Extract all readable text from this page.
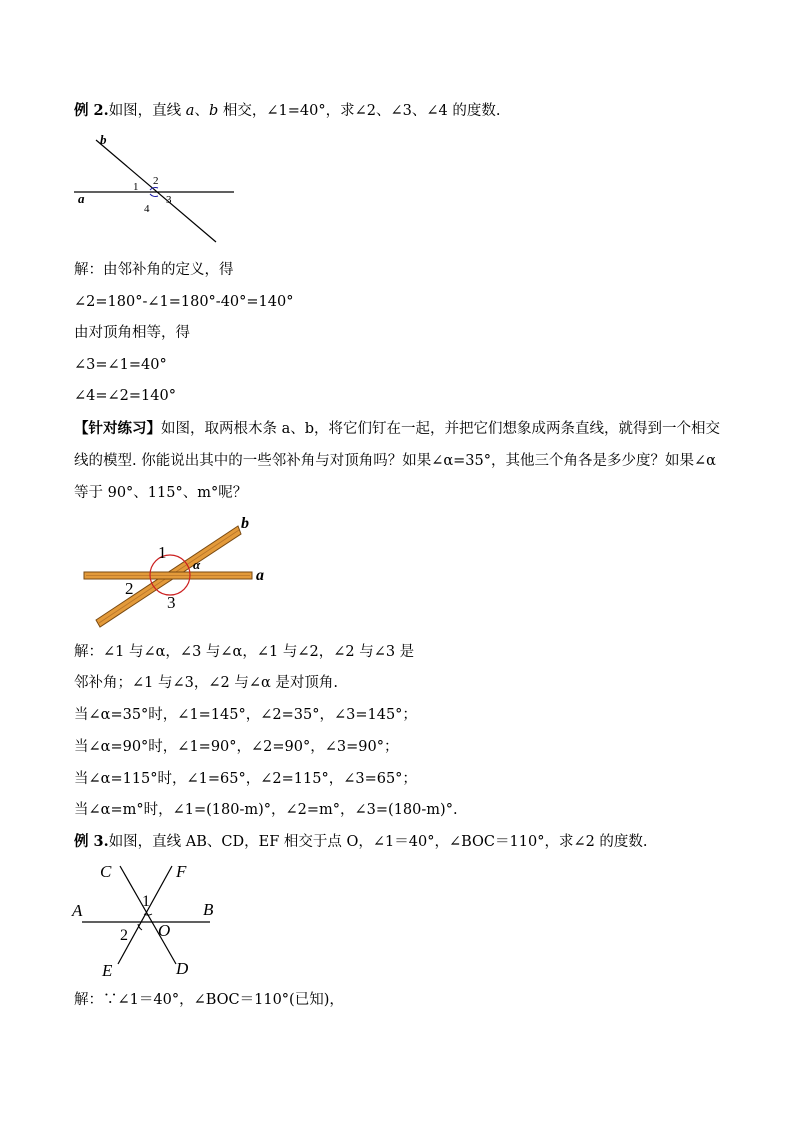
例 2.如图，直线 a、b 相交，∠1=40°，求∠2、∠3、∠4 的度数.
b
a
1 2
3
4
解：由邻补角的定义，得
∠2=180°-∠1=180°-40°=140°
由对顶角相等，得
∠3=∠1=40°
∠4=∠2=140°
【针对练习】如图，取两根木条 a、b，将它们钉在一起，并把它们想象成两条直线，就得到一个相交线的模型. 你能说出其中的一些邻补角与对顶角吗？如果∠α=35°，其他三个角各是多少度？如果∠α 等于 90°、115°、m°呢？
b
a
α
1
2
3
解：∠1 与∠α，∠3 与∠α，∠1 与∠2，∠2 与∠3 是
邻补角；∠1 与∠3，∠2 与∠α 是对顶角.
当∠α=35°时，∠1=145°，∠2=35°，∠3=145°；
当∠α=90°时，∠1=90°，∠2=90°，∠3=90°；
当∠α=115°时，∠1=65°，∠2=115°，∠3=65°；
当∠α=m°时，∠1=(180-m)°，∠2=m°，∠3=(180-m)°.
例 3.如图，直线 AB、CD，EF 相交于点 O，∠1＝40°，∠BOC＝110°，求∠2 的度数.
C	F
A	B
1
2 O
E	D
解：∵∠1＝40°，∠BOC＝110°(已知)，
